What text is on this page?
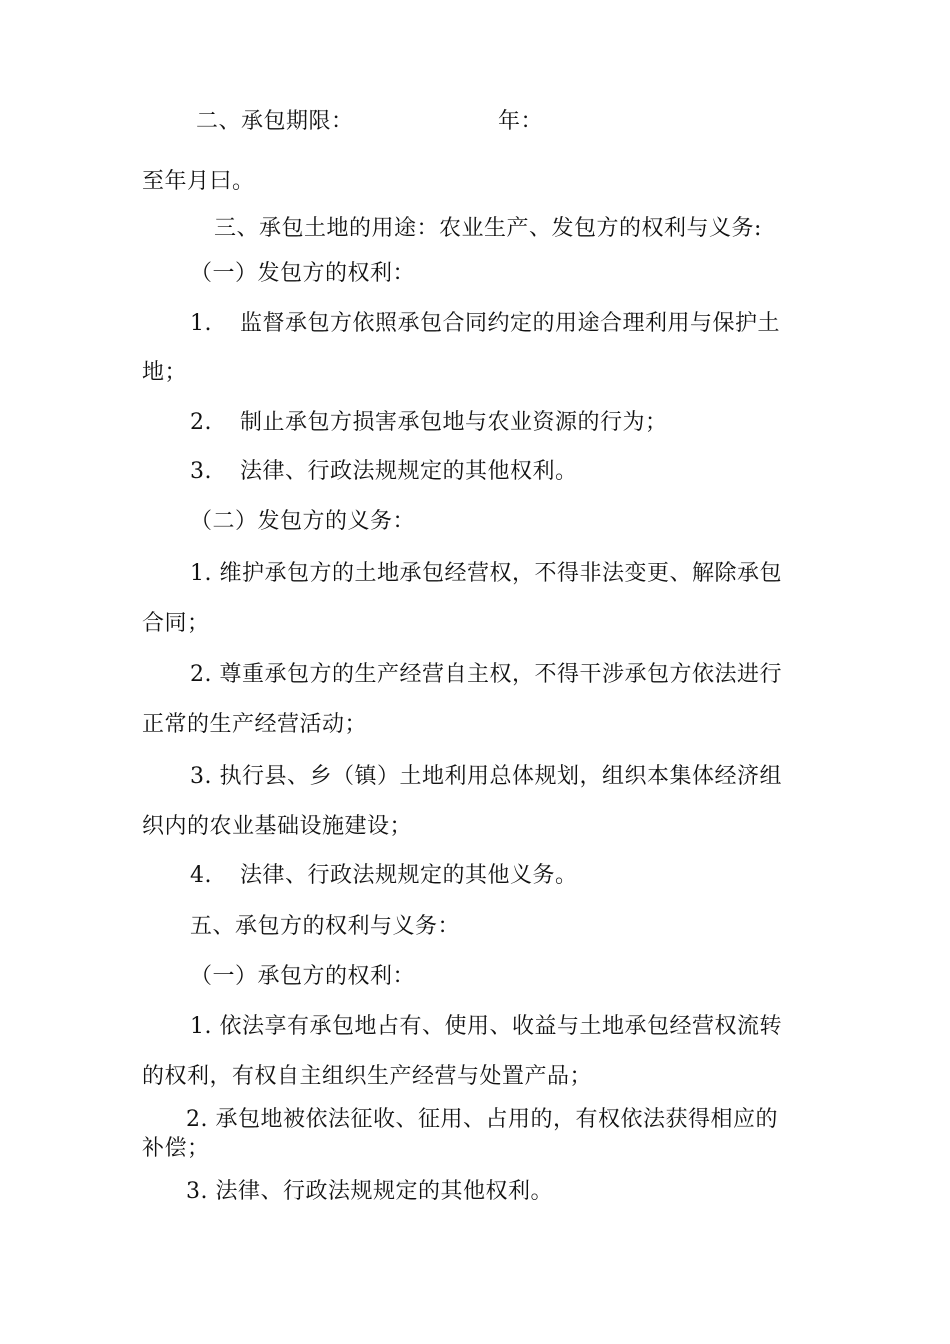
二、承包期限：	年：
至年月曰。
三、承包土地的用途：农业生产、发包方的权利与义务:
（一）发包方的权利：
1. 监督承包方依照承包合同约定的用途合理利用与保护土
地；
2. 制止承包方损害承包地与农业资源的行为；
3. 法律、行政法规规定的其他权利。
（二）发包方的义务：
1. 维护承包方的土地承包经营权，不得非法变更、解除承包
合同；
2. 尊重承包方的生产经营自主权，不得干涉承包方依法进行
正常的生产经营活动；
3. 执行县、乡（镇）土地利用总体规划，组织本集体经济组
织内的农业基础设施建设；
4. 法律、行政法规规定的其他义务。
五、承包方的权利与义务：
（一）承包方的权利：
1. 依法享有承包地占有、使用、收益与土地承包经营权流转
的权利，有权自主组织生产经营与处置产品；
2. 承包地被依法征收、征用、占用的，有权依法获得相应的
补偿；
3. 法律、行政法规规定的其他权利。
